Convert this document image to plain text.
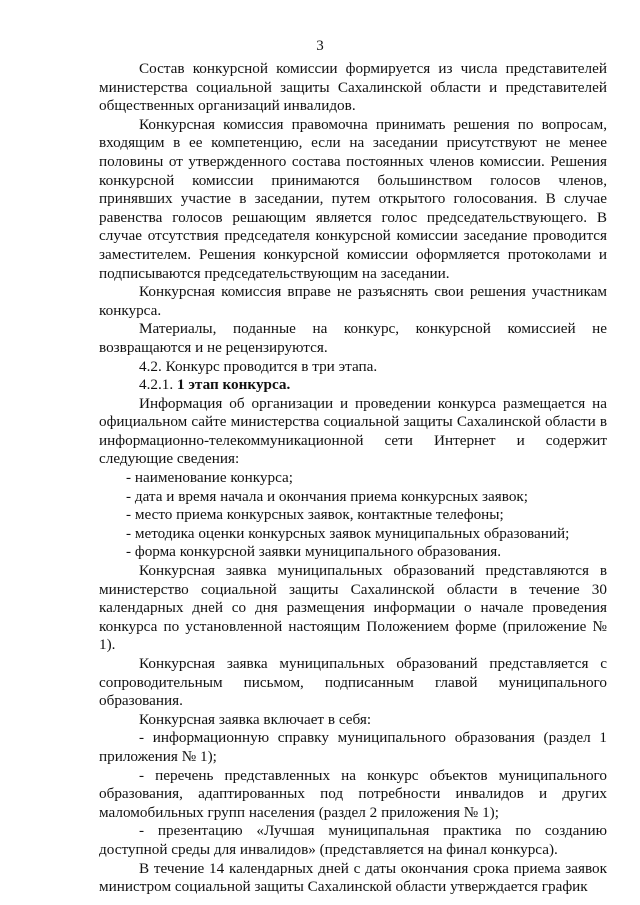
3

Состав конкурсной комиссии формируется из числа представителей министерства социальной защиты Сахалинской области и представителей общественных организаций инвалидов.

Конкурсная комиссия правомочна принимать решения по вопросам, входящим в ее компетенцию, если на заседании присутствуют не менее половины от утвержденного состава постоянных членов комиссии. Решения конкурсной комиссии принимаются большинством голосов членов, принявших участие в заседании, путем открытого голосования. В случае равенства голосов решающим является голос председательствующего. В случае отсутствия председателя конкурсной комиссии заседание проводится заместителем. Решения конкурсной комиссии оформляется протоколами и подписываются председательствующим на заседании.

Конкурсная комиссия вправе не разъяснять свои решения участникам конкурса.

Материалы, поданные на конкурс, конкурсной комиссией не возвращаются и не рецензируются.

4.2. Конкурс проводится в три этапа.

4.2.1. 1 этап конкурса.

Информация об организации и проведении конкурса размещается на официальном сайте министерства социальной защиты Сахалинской области в информационно-телекоммуникационной сети Интернет и содержит следующие сведения:

- наименование конкурса;

- дата и время начала и окончания приема конкурсных заявок;

- место приема конкурсных заявок, контактные телефоны;

- методика оценки конкурсных заявок муниципальных образований;

- форма конкурсной заявки муниципального образования.

Конкурсная заявка муниципальных образований представляются в министерство социальной защиты Сахалинской области в течение 30 календарных дней со дня размещения информации о начале проведения конкурса по установленной настоящим Положением форме (приложение № 1).

Конкурсная заявка муниципальных образований представляется с сопроводительным письмом, подписанным главой муниципального образования.

Конкурсная заявка включает в себя:

- информационную справку муниципального образования (раздел 1 приложения № 1);

- перечень представленных на конкурс объектов муниципального образования, адаптированных под потребности инвалидов и других маломобильных групп населения (раздел 2 приложения № 1);

- презентацию «Лучшая муниципальная практика по созданию доступной среды для инвалидов» (представляется на финал конкурса).

В течение 14 календарных дней с даты окончания срока приема заявок министром социальной защиты Сахалинской области утверждается график
